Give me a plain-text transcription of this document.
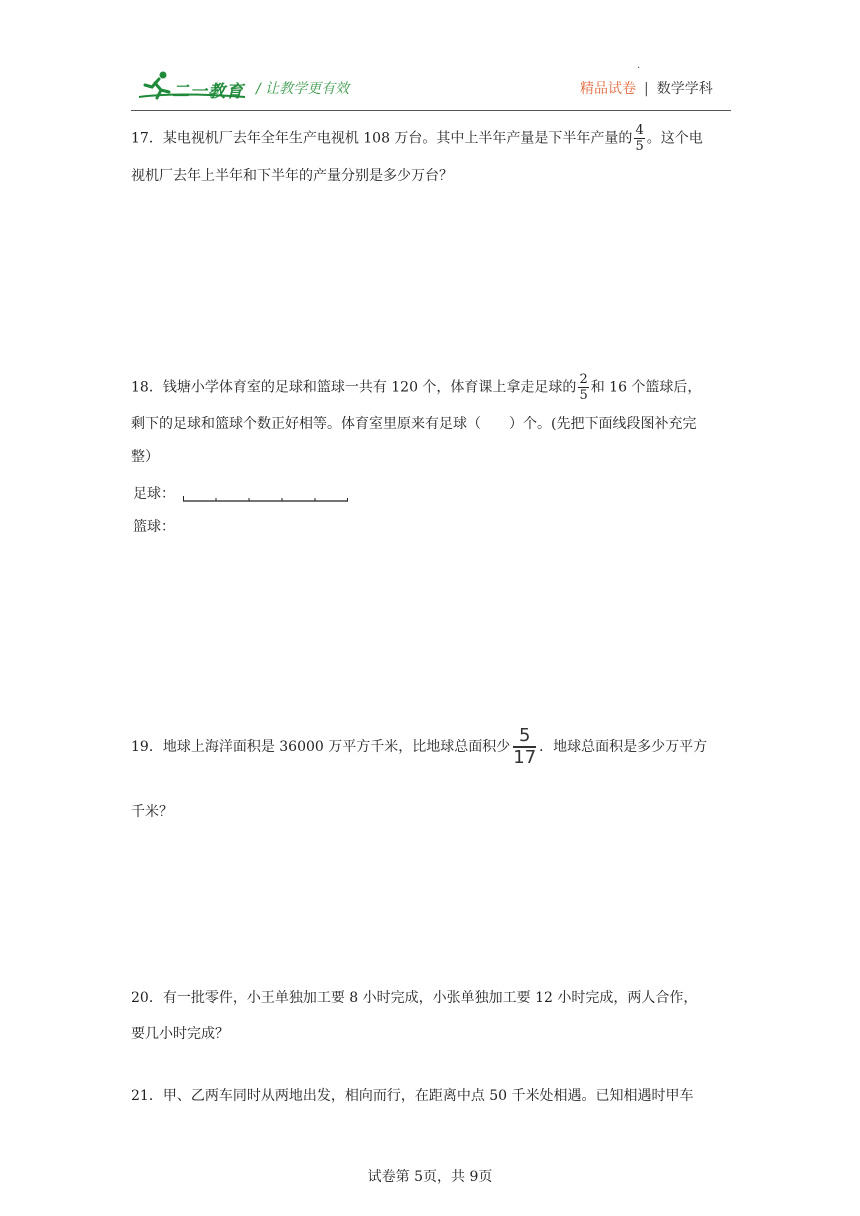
二一教育 / 让教学更有效
·
精品试卷 | 数学学科
17．某电视机厂去年全年生产电视机 108 万台。其中上半年产量是下半年产量的 $\frac{4}{5}$ 。这个电
视机厂去年上半年和下半年的产量分别是多少万台？
18．钱塘小学体育室的足球和篮球一共有 120 个，体育课上拿走足球的 $\frac{2}{5}$ 和 16 个篮球后，
剩下的足球和篮球个数正好相等。体育室里原来有足球（　　）个。(先把下面线段图补充完
整）
足球：
篮球：
19．地球上海洋面积是 36000 万平方千米，比地球总面积少 $\frac{5}{17}$ ．地球总面积是多少万平方
千米？
20．有一批零件，小王单独加工要 8 小时完成，小张单独加工要 12 小时完成，两人合作，
要几小时完成？
21．甲、乙两车同时从两地出发，相向而行，在距离中点 50 千米处相遇。已知相遇时甲车
试卷第 5页，共 9页
